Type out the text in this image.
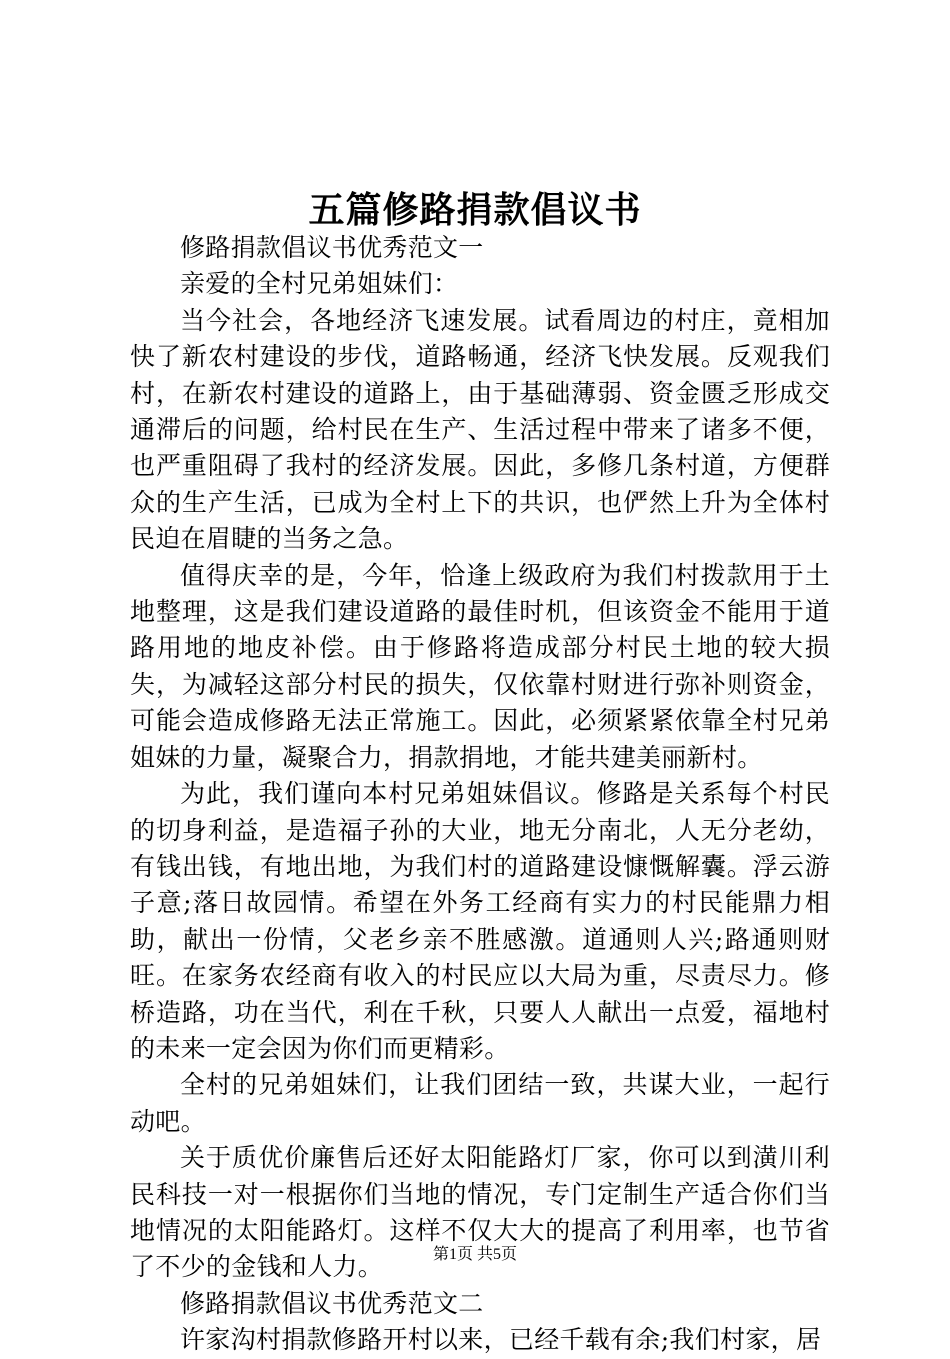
五篇修路捐款倡议书

修路捐款倡议书优秀范文一

亲爱的全村兄弟姐妹们：

当今社会，各地经济飞速发展。试看周边的村庄，竟相加快了新农村建设的步伐，道路畅通，经济飞快发展。反观我们村，在新农村建设的道路上，由于基础薄弱、资金匮乏形成交通滞后的问题，给村民在生产、生活过程中带来了诸多不便，也严重阻碍了我村的经济发展。因此，多修几条村道，方便群众的生产生活，已成为全村上下的共识，也俨然上升为全体村民迫在眉睫的当务之急。

值得庆幸的是，今年，恰逢上级政府为我们村拨款用于土地整理，这是我们建设道路的最佳时机，但该资金不能用于道路用地的地皮补偿。由于修路将造成部分村民土地的较大损失，为减轻这部分村民的损失，仅依靠村财进行弥补则资金，可能会造成修路无法正常施工。因此，必须紧紧依靠全村兄弟姐妹的力量，凝聚合力，捐款捐地，才能共建美丽新村。

为此，我们谨向本村兄弟姐妹倡议。修路是关系每个村民的切身利益，是造福子孙的大业，地无分南北，人无分老幼，有钱出钱，有地出地，为我们村的道路建设慷慨解囊。浮云游子意;落日故园情。希望在外务工经商有实力的村民能鼎力相助，献出一份情，父老乡亲不胜感激。道通则人兴;路通则财旺。在家务农经商有收入的村民应以大局为重，尽责尽力。修桥造路，功在当代，利在千秋，只要人人献出一点爱，福地村的未来一定会因为你们而更精彩。

全村的兄弟姐妹们，让我们团结一致，共谋大业，一起行动吧。

关于质优价廉售后还好太阳能路灯厂家，你可以到潢川利民科技一对一根据你们当地的情况，专门定制生产适合你们当地情况的太阳能路灯。这样不仅大大的提高了利用率，也节省了不少的金钱和人力。

修路捐款倡议书优秀范文二

许家沟村捐款修路开村以来，已经千载有余;我们村家，居

第1页 共5页
